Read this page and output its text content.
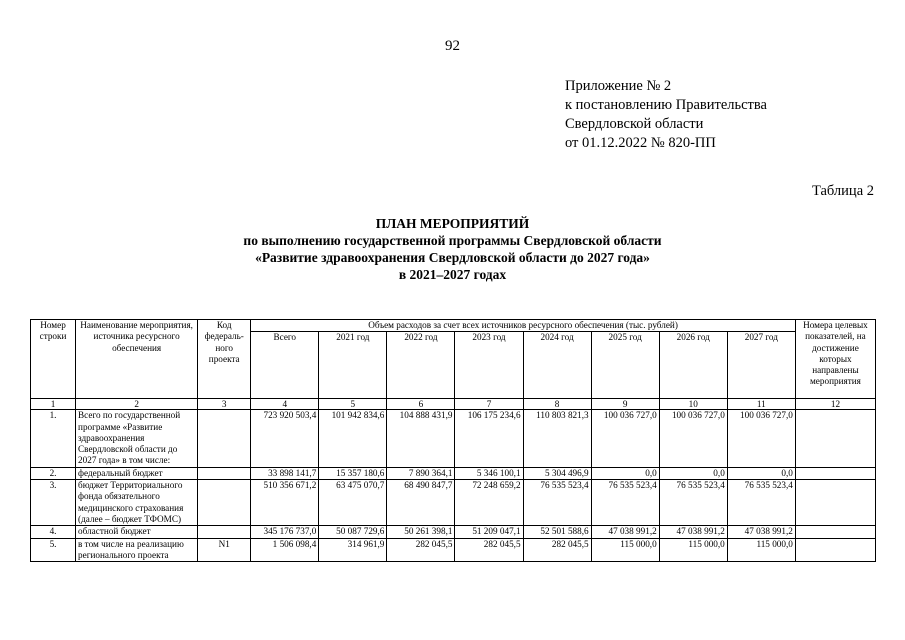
92
Приложение № 2
к постановлению Правительства
Свердловской области
от 01.12.2022 № 820-ПП
Таблица 2
ПЛАН МЕРОПРИЯТИЙ
по выполнению государственной программы Свердловской области
«Развитие здравоохранения Свердловской области до 2027 года»
в 2021–2027 годах
Номер строки	Наименование мероприятия, источника ресурсного обеспечения	Код федераль-ного проекта	Объем расходов за счет всех источников ресурсного обеспечения (тыс. рублей)								Номера целевых показателей, на достижение которых направлены мероприятия
			Всего	2021 год	2022 год	2023 год	2024 год	2025 год	2026 год	2027 год	
1	2	3	4	5	6	7	8	9	10	11	12
1.	Всего по государственной программе «Развитие здравоохранения Свердловской области до 2027 года» в том числе:		723 920 503,4	101 942 834,6	104 888 431,9	106 175 234,6	110 803 821,3	100 036 727,0	100 036 727,0	100 036 727,0	
2.	федеральный бюджет		33 898 141,7	15 357 180,6	7 890 364,1	5 346 100,1	5 304 496,9	0,0	0,0	0,0	
3.	бюджет Территориального фонда обязательного медицинского страхования (далее – бюджет ТФОМС)		510 356 671,2	63 475 070,7	68 490 847,7	72 248 659,2	76 535 523,4	76 535 523,4	76 535 523,4	76 535 523,4	
4.	областной бюджет		345 176 737,0	50 087 729,6	50 261 398,1	51 209 047,1	52 501 588,6	47 038 991,2	47 038 991,2	47 038 991,2	
5.	в том числе на реализацию регионального проекта	N1	1 506 098,4	314 961,9	282 045,5	282 045,5	282 045,5	115 000,0	115 000,0	115 000,0	
